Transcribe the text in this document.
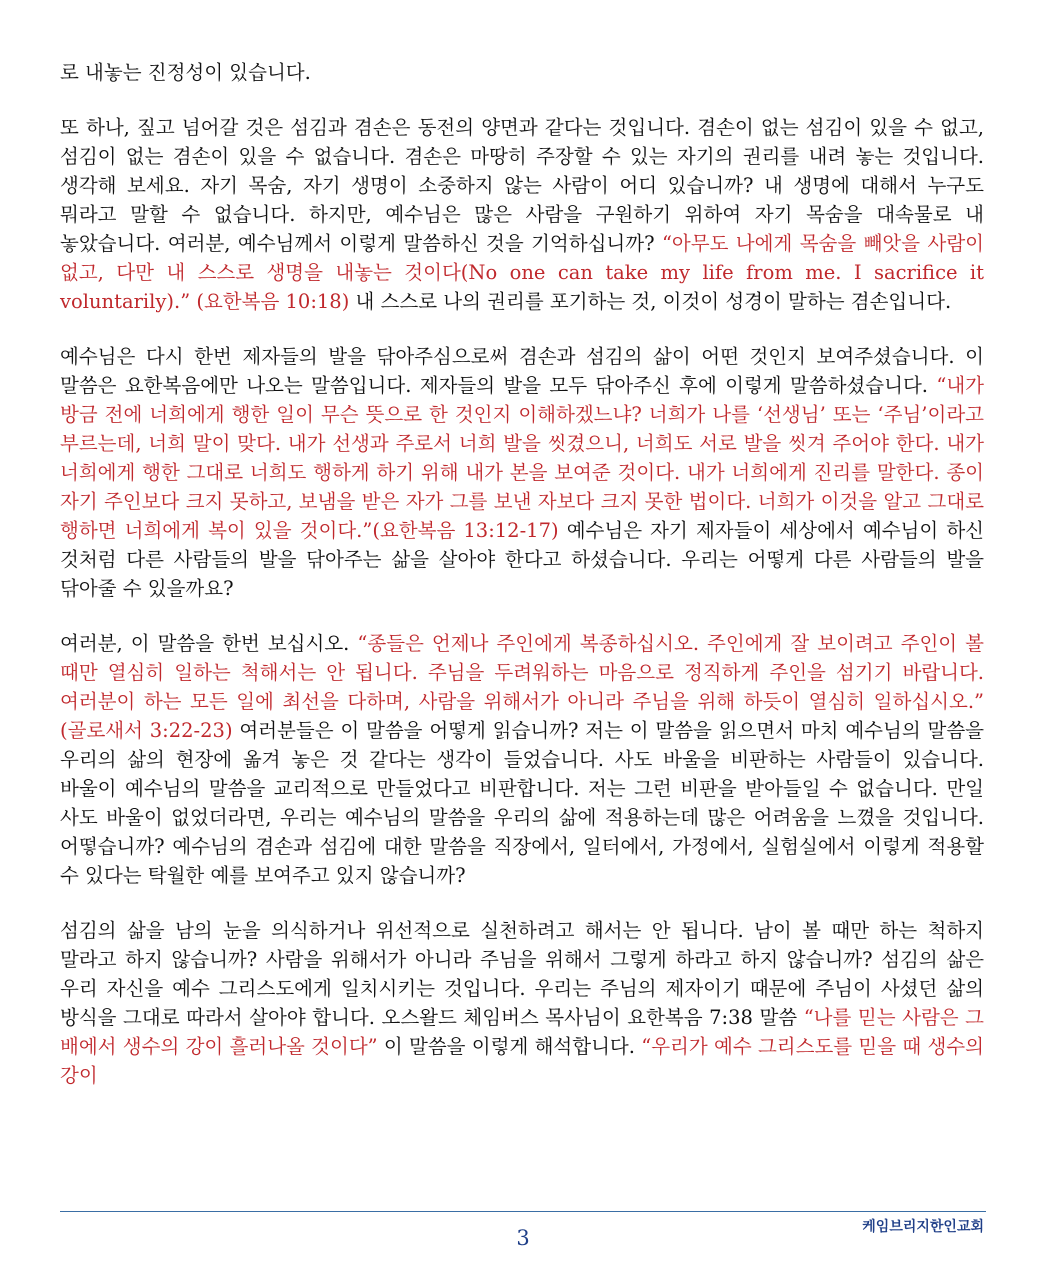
로 내놓는 진정성이 있습니다.

또 하나, 짚고 넘어갈 것은 섬김과 겸손은 동전의 양면과 같다는 것입니다. 겸손이 없는 섬김이 있을 수 없고, 섬김이 없는 겸손이 있을 수 없습니다. 겸손은 마땅히 주장할 수 있는 자기의 권리를 내려 놓는 것입니다. 생각해 보세요. 자기 목숨, 자기 생명이 소중하지 않는 사람이 어디 있습니까? 내 생명에 대해서 누구도 뭐라고 말할 수 없습니다. 하지만, 예수님은 많은 사람을 구원하기 위하여 자기 목숨을 대속물로 내 놓았습니다. 여러분, 예수님께서 이렇게 말씀하신 것을 기억하십니까? “아무도 나에게 목숨을 빼앗을 사람이 없고, 다만 내 스스로 생명을 내놓는 것이다(No one can take my life from me. I sacrifice it voluntarily).” (요한복음 10:18) 내 스스로 나의 권리를 포기하는 것, 이것이 성경이 말하는 겸손입니다.

예수님은 다시 한번 제자들의 발을 닦아주심으로써 겸손과 섬김의 삶이 어떤 것인지 보여주셨습니다. 이 말씀은 요한복음에만 나오는 말씀입니다. 제자들의 발을 모두 닦아주신 후에 이렇게 말씀하셨습니다. “내가 방금 전에 너희에게 행한 일이 무슨 뜻으로 한 것인지 이해하겠느냐? 너희가 나를 ‘선생님’ 또는 ‘주님’이라고 부르는데, 너희 말이 맞다. 내가 선생과 주로서 너희 발을 씻겼으니, 너희도 서로 발을 씻겨 주어야 한다. 내가 너희에게 행한 그대로 너희도 행하게 하기 위해 내가 본을 보여준 것이다. 내가 너희에게 진리를 말한다. 종이 자기 주인보다 크지 못하고, 보냄을 받은 자가 그를 보낸 자보다 크지 못한 법이다. 너희가 이것을 알고 그대로 행하면 너희에게 복이 있을 것이다.”(요한복음 13:12-17) 예수님은 자기 제자들이 세상에서 예수님이 하신 것처럼 다른 사람들의 발을 닦아주는 삶을 살아야 한다고 하셨습니다. 우리는 어떻게 다른 사람들의 발을 닦아줄 수 있을까요?

여러분, 이 말씀을 한번 보십시오. “종들은 언제나 주인에게 복종하십시오. 주인에게 잘 보이려고 주인이 볼 때만 열심히 일하는 척해서는 안 됩니다. 주님을 두려워하는 마음으로 정직하게 주인을 섬기기 바랍니다. 여러분이 하는 모든 일에 최선을 다하며, 사람을 위해서가 아니라 주님을 위해 하듯이 열심히 일하십시오.” (골로새서 3:22-23) 여러분들은 이 말씀을 어떻게 읽습니까? 저는 이 말씀을 읽으면서 마치 예수님의 말씀을 우리의 삶의 현장에 옮겨 놓은 것 같다는 생각이 들었습니다. 사도 바울을 비판하는 사람들이 있습니다. 바울이 예수님의 말씀을 교리적으로 만들었다고 비판합니다. 저는 그런 비판을 받아들일 수 없습니다. 만일 사도 바울이 없었더라면, 우리는 예수님의 말씀을 우리의 삶에 적용하는데 많은 어려움을 느꼈을 것입니다. 어떻습니까? 예수님의 겸손과 섬김에 대한 말씀을 직장에서, 일터에서, 가정에서, 실험실에서 이렇게 적용할 수 있다는 탁월한 예를 보여주고 있지 않습니까?

섬김의 삶을 남의 눈을 의식하거나 위선적으로 실천하려고 해서는 안 됩니다. 남이 볼 때만 하는 척하지 말라고 하지 않습니까? 사람을 위해서가 아니라 주님을 위해서 그렇게 하라고 하지 않습니까? 섬김의 삶은 우리 자신을 예수 그리스도에게 일치시키는 것입니다. 우리는 주님의 제자이기 때문에 주님이 사셨던 삶의 방식을 그대로 따라서 살아야 합니다. 오스왈드 체임버스 목사님이 요한복음 7:38 말씀 “나를 믿는 사람은 그 배에서 생수의 강이 흘러나올 것이다” 이 말씀을 이렇게 해석합니다. “우리가 예수 그리스도를 믿을 때 생수의 강이

케임브리지한인교회
3
